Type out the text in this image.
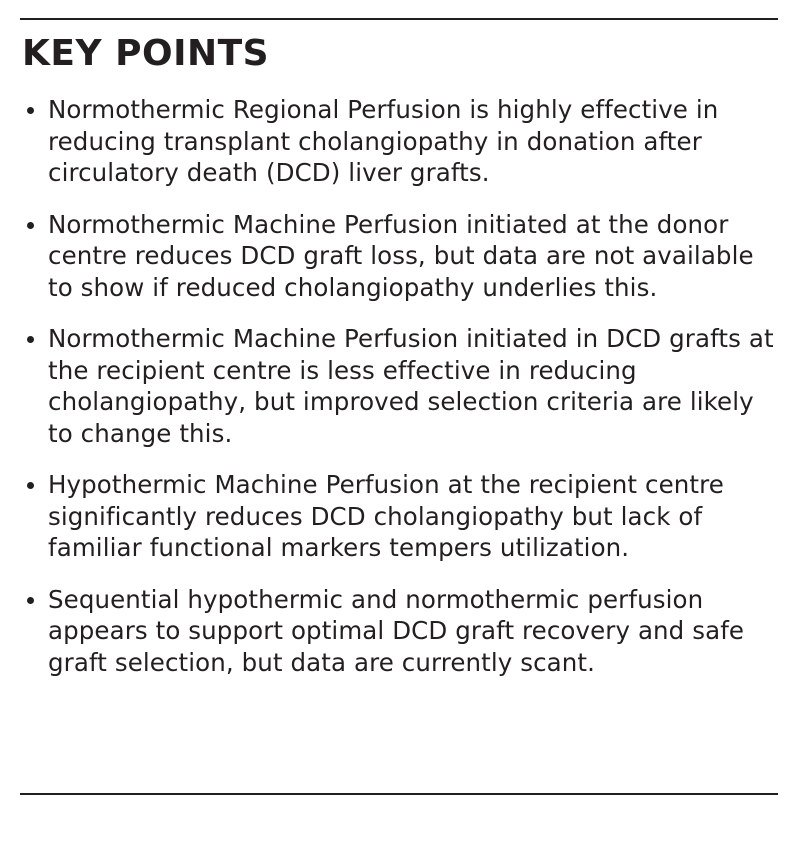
KEY POINTS
Normothermic Regional Perfusion is highly effective in reducing transplant cholangiopathy in donation after circulatory death (DCD) liver grafts.
Normothermic Machine Perfusion initiated at the donor centre reduces DCD graft loss, but data are not available to show if reduced cholangiopathy underlies this.
Normothermic Machine Perfusion initiated in DCD grafts at the recipient centre is less effective in reducing cholangiopathy, but improved selection criteria are likely to change this.
Hypothermic Machine Perfusion at the recipient centre significantly reduces DCD cholangiopathy but lack of familiar functional markers tempers utilization.
Sequential hypothermic and normothermic perfusion appears to support optimal DCD graft recovery and safe graft selection, but data are currently scant.
